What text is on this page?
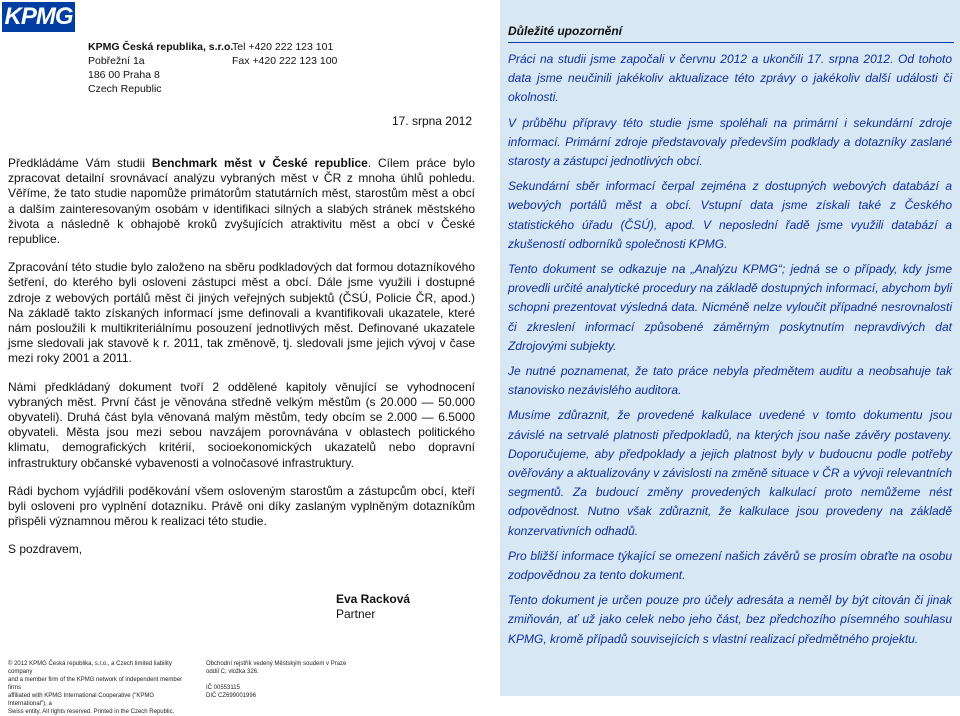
KPMG
KPMG Česká republika, s.r.o.
Pobřežní 1a
186 00 Praha 8
Czech Republic
Tel +420 222 123 101
Fax +420 222 123 100
17. srpna 2012

Předkládáme Vám studii Benchmark měst v České republice. Cílem práce bylo zpracovat detailní srovnávací analýzu vybraných měst v ČR z mnoha úhlů pohledu. Věříme, že tato studie napomůže primátorům statutárních měst, starostům měst a obcí a dalším zainteresovaným osobám v identifikaci silných a slabých stránek městského života a následně k obhajobě kroků zvyšujících atraktivitu měst a obcí v České republice.

Zpracování této studie bylo založeno na sběru podkladových dat formou dotazníkového šetření, do kterého byli osloveni zástupci měst a obcí. Dále jsme využili i dostupné zdroje z webových portálů měst či jiných veřejných subjektů (ČSÚ, Policie ČR, apod.) Na základě takto získaných informací jsme definovali a kvantifikovali ukazatele, které nám posloužili k multikriteriálnímu posouzení jednotlivých měst. Definované ukazatele jsme sledovali jak stavově k r. 2011, tak změnově, tj. sledovali jsme jejich vývoj v čase mezi roky 2001 a 2011.

Námi předkládaný dokument tvoří 2 oddělené kapitoly věnující se vyhodnocení vybraných měst. První část je věnována středně velkým městům (s 20.000 — 50.000 obyvateli). Druhá část byla věnovaná malým městům, tedy obcím se 2.000 — 6.5000 obyvateli. Města jsou mezi sebou navzájem porovnávána v oblastech politického klimatu, demografických kritérií, socioekonomických ukazatelů nebo dopravní infrastruktury občanské vybavenosti a volnočasové infrastruktury.

Rádi bychom vyjádřili poděkování všem osloveným starostům a zástupcům obcí, kteří byli osloveni pro vyplnění dotazníku. Právě oni díky zaslaným vyplněným dotazníkům přispěli významnou měrou k realizaci této studie.

S pozdravem,

Eva Racková
Partner
Důležité upozornění

Práci na studii jsme započali v červnu 2012 a ukončili 17. srpna 2012. Od tohoto data jsme neučinili jakékoliv aktualizace této zprávy o jakékoliv další události či okolnosti.

V průběhu přípravy této studie jsme spoléhali na primární i sekundární zdroje informací. Primární zdroje představovaly především podklady a dotazníky zaslané starosty a zástupci jednotlivých obcí.

Sekundární sběr informací čerpal zejména z dostupných webových databází a webových portálů měst a obcí. Vstupní data jsme získali také z Českého statistického úřadu (ČSÚ), apod. V neposlední řadě jsme využili databází a zkušeností odborníků společnosti KPMG.

Tento dokument se odkazuje na „Analýzu KPMG“; jedná se o případy, kdy jsme provedli určité analytické procedury na základě dostupných informací, abychom byli schopni prezentovat výsledná data. Nicméně nelze vyloučit případné nesrovnalosti či zkreslení informací způsobené záměrným poskytnutím nepravdivých dat Zdrojovými subjekty.

Je nutné poznamenat, že tato práce nebyla předmětem auditu a neobsahuje tak stanovisko nezávislého auditora.

Musíme zdůraznit, že provedené kalkulace uvedené v tomto dokumentu jsou závislé na setrvalé platnosti předpokladů, na kterých jsou naše závěry postaveny. Doporučujeme, aby předpoklady a jejich platnost byly v budoucnu podle potřeby ověřovány a aktualizovány v závislosti na změně situace v ČR a vývoji relevantních segmentů. Za budoucí změny provedených kalkulací proto nemůžeme nést odpovědnost. Nutno však zdůraznit, že kalkulace jsou provedeny na základě konzervativních odhadů.

Pro bližší informace týkající se omezení našich závěrů se prosím obraťte na osobu zodpovědnou za tento dokument.

Tento dokument je určen pouze pro účely adresáta a neměl by být citován či jinak zmiňován, ať už jako celek nebo jeho část, bez předchozího písemného souhlasu KPMG, kromě případů souvisejících s vlastní realizací předmětného projektu.

© 2012 KPMG Česká republika, s.r.o., a Czech limited liability company
and a member firm of the KPMG network of independent member firms
affiliated with KPMG International Cooperative ("KPMG International"), a
Swiss entity. All rights reserved. Printed in the Czech Republic.
Obchodní rejstřík vedený Městským soudem v Praze
oddíl C, vložka 326.

IČ 00553115
DIČ CZ699001996
